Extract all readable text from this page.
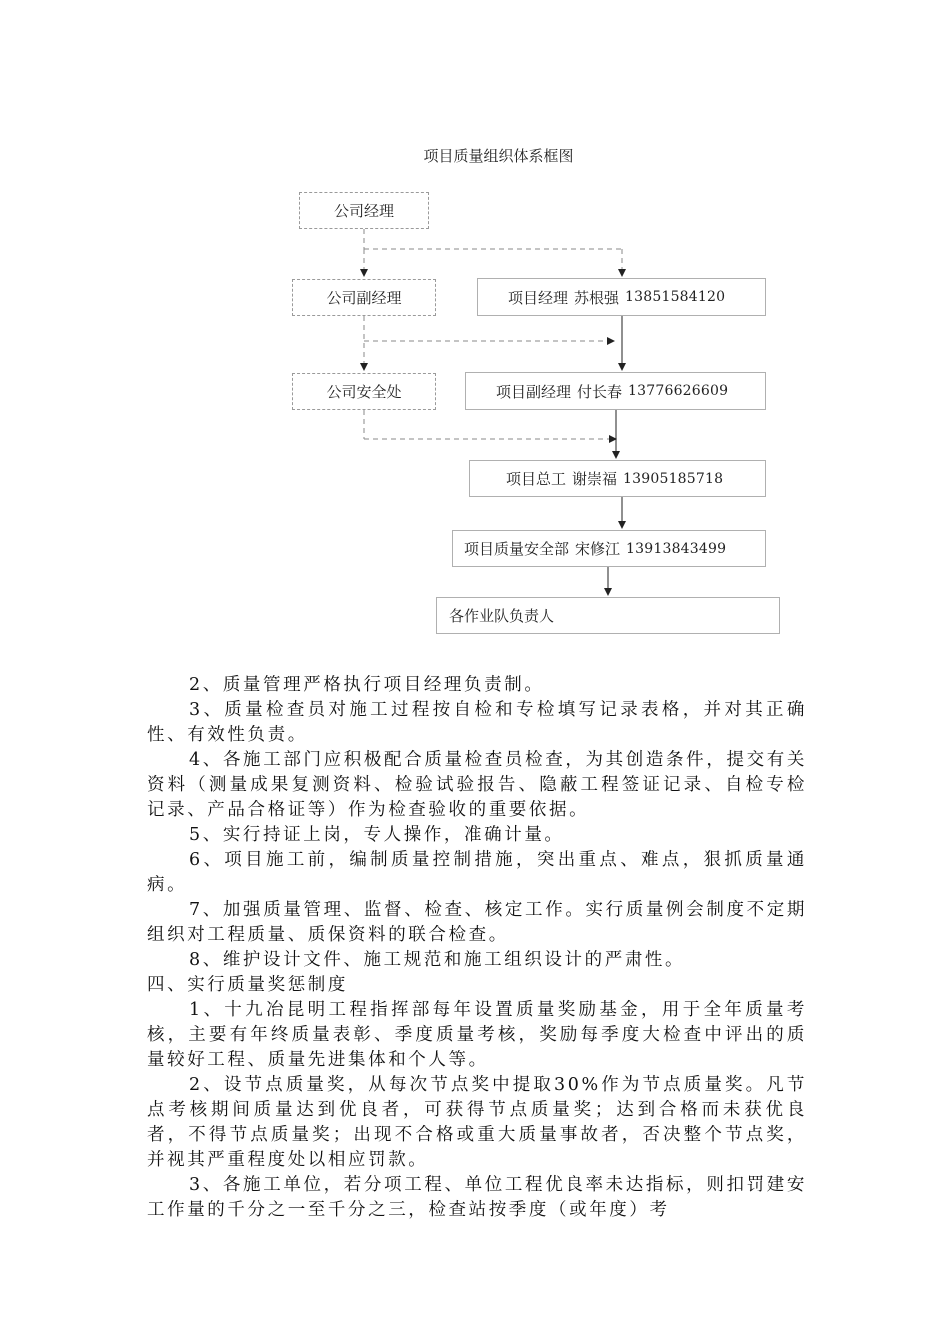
项目质量组织体系框图
公司经理
公司副经理
公司安全处
项目经理 苏根强 13851584120
项目副经理 付长春 13776626609
项目总工 谢崇福 13905185718
项目质量安全部 宋修江 13913843499
各作业队负责人

2、质量管理严格执行项目经理负责制。

3、质量检查员对施工过程按自检和专检填写记录表格，并对其正确性、有效性负责。

4、各施工部门应积极配合质量检查员检查，为其创造条件，提交有关资料（测量成果复测资料、检验试验报告、隐蔽工程签证记录、自检专检记录、产品合格证等）作为检查验收的重要依据。

5、实行持证上岗，专人操作，准确计量。

6、项目施工前，编制质量控制措施，突出重点、难点，狠抓质量通病。

7、加强质量管理、监督、检查、核定工作。实行质量例会制度不定期组织对工程质量、质保资料的联合检查。

8、维护设计文件、施工规范和施工组织设计的严肃性。

四、实行质量奖惩制度

1、十九冶昆明工程指挥部每年设置质量奖励基金，用于全年质量考核，主要有年终质量表彰、季度质量考核，奖励每季度大检查中评出的质量较好工程、质量先进集体和个人等。

2、设节点质量奖，从每次节点奖中提取30%作为节点质量奖。凡节点考核期间质量达到优良者，可获得节点质量奖；达到合格而未获优良者，不得节点质量奖；出现不合格或重大质量事故者，否决整个节点奖，并视其严重程度处以相应罚款。

3、各施工单位，若分项工程、单位工程优良率未达指标，则扣罚建安工作量的千分之一至千分之三，检查站按季度（或年度）考
